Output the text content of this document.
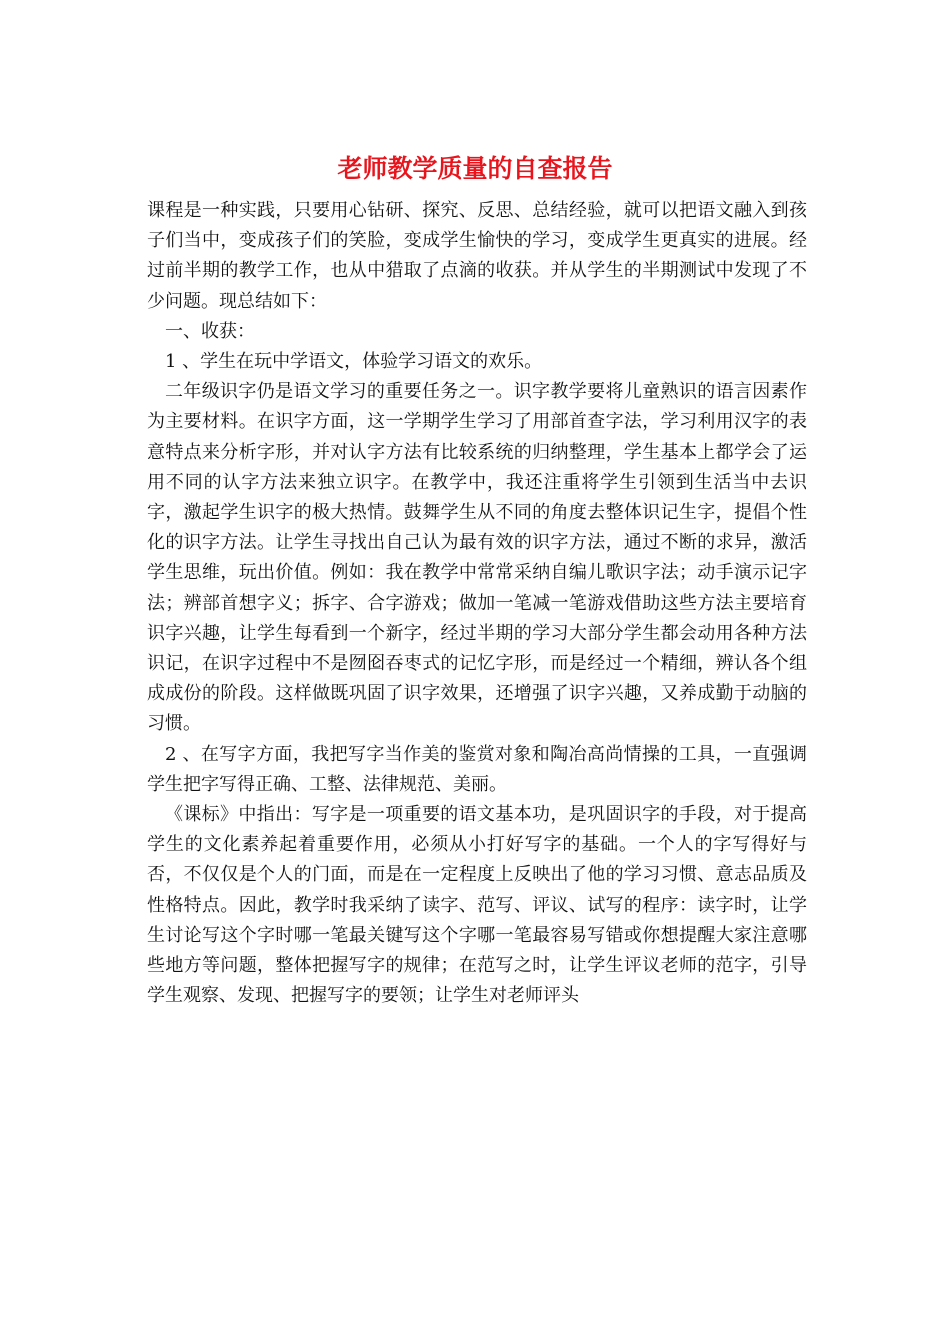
老师教学质量的自查报告

课程是一种实践，只要用心钻研、探究、反思、总结经验，就可以把语文融入到孩子们当中，变成孩子们的笑脸，变成学生愉快的学习，变成学生更真实的进展。经过前半期的教学工作，也从中猎取了点滴的收获。并从学生的半期测试中发现了不少问题。现总结如下：

一、收获：

1 、学生在玩中学语文，体验学习语文的欢乐。

二年级识字仍是语文学习的重要任务之一。识字教学要将儿童熟识的语言因素作为主要材料。在识字方面，这一学期学生学习了用部首查字法，学习利用汉字的表意特点来分析字形，并对认字方法有比较系统的归纳整理，学生基本上都学会了运用不同的认字方法来独立识字。在教学中，我还注重将学生引领到生活当中去识字，激起学生识字的极大热情。鼓舞学生从不同的角度去整体识记生字，提倡个性化的识字方法。让学生寻找出自己认为最有效的识字方法，通过不断的求异，激活学生思维，玩出价值。例如：我在教学中常常采纳自编儿歌识字法；动手演示记字法；辨部首想字义；拆字、合字游戏；做加一笔减一笔游戏借助这些方法主要培育识字兴趣，让学生每看到一个新字，经过半期的学习大部分学生都会动用各种方法识记，在识字过程中不是囫囵吞枣式的记忆字形，而是经过一个精细，辨认各个组成成份的阶段。这样做既巩固了识字效果，还增强了识字兴趣，又养成勤于动脑的习惯。

2 、在写字方面，我把写字当作美的鉴赏对象和陶冶高尚情操的工具，一直强调学生把字写得正确、工整、法律规范、美丽。

《课标》中指出：写字是一项重要的语文基本功，是巩固识字的手段，对于提高学生的文化素养起着重要作用，必须从小打好写字的基础。一个人的字写得好与否，不仅仅是个人的门面，而是在一定程度上反映出了他的学习习惯、意志品质及性格特点。因此，教学时我采纳了读字、范写、评议、试写的程序：读字时，让学生讨论写这个字时哪一笔最关键写这个字哪一笔最容易写错或你想提醒大家注意哪些地方等问题，整体把握写字的规律；在范写之时，让学生评议老师的范字，引导学生观察、发现、把握写字的要领；让学生对老师评头
